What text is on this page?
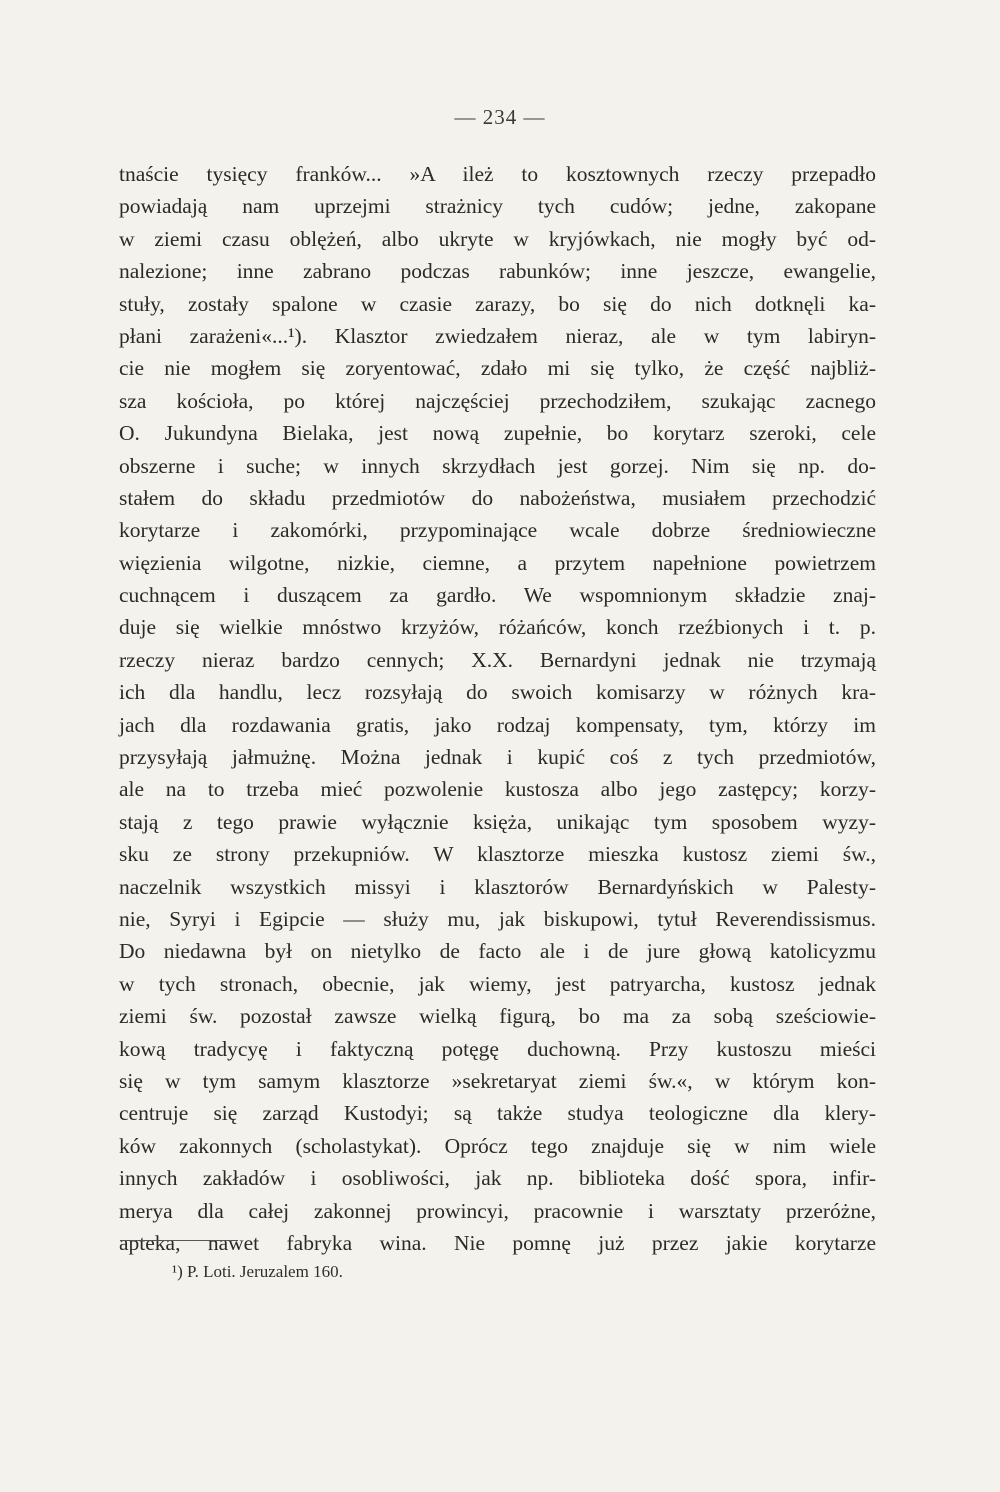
— 234 —
tnaście tysięcy franków... »A ileż to kosztownych rzeczy przepadło
powiadają nam uprzejmi strażnicy tych cudów; jedne, zakopane
w ziemi czasu oblężeń, albo ukryte w kryjówkach, nie mogły być od-
nalezione; inne zabrano podczas rabunków; inne jeszcze, ewangelie,
stuły, zostały spalone w czasie zarazy, bo się do nich dotknęli ka-
płani zarażeni«...¹). Klasztor zwiedzałem nieraz, ale w tym labiryn-
cie nie mogłem się zoryentować, zdało mi się tylko, że część najbliż-
sza kościoła, po której najczęściej przechodziłem, szukając zacnego
O. Jukundyna Bielaka, jest nową zupełnie, bo korytarz szeroki, cele
obszerne i suche; w innych skrzydłach jest gorzej. Nim się np. do-
stałem do składu przedmiotów do nabożeństwa, musiałem przechodzić
korytarze i zakomórki, przypominające wcale dobrze średniowieczne
więzienia wilgotne, nizkie, ciemne, a przytem napełnione powietrzem
cuchnącem i duszącem za gardło. We wspomnionym składzie znaj-
duje się wielkie mnóstwo krzyżów, różańców, konch rzeźbionych i t. p.
rzeczy nieraz bardzo cennych; X.X. Bernardyni jednak nie trzymają
ich dla handlu, lecz rozsyłają do swoich komisarzy w różnych kra-
jach dla rozdawania gratis, jako rodzaj kompensaty, tym, którzy im
przysyłają jałmużnę. Można jednak i kupić coś z tych przedmiotów,
ale na to trzeba mieć pozwolenie kustosza albo jego zastępcy; korzy-
stają z tego prawie wyłącznie księża, unikając tym sposobem wyzy-
sku ze strony przekupniów. W klasztorze mieszka kustosz ziemi św.,
naczelnik wszystkich missyi i klasztorów Bernardyńskich w Palesty-
nie, Syryi i Egipcie — służy mu, jak biskupowi, tytuł Reverendissismus.
Do niedawna był on nietylko de facto ale i de jure głową katolicyzmu
w tych stronach, obecnie, jak wiemy, jest patryarcha, kustosz jednak
ziemi św. pozostał zawsze wielką figurą, bo ma za sobą sześciowie-
kową tradycyę i faktyczną potęgę duchowną. Przy kustoszu mieści
się w tym samym klasztorze »sekretaryat ziemi św.«, w którym kon-
centruje się zarząd Kustodyi; są także studya teologiczne dla klery-
ków zakonnych (scholastykat). Oprócz tego znajduje się w nim wiele
innych zakładów i osobliwości, jak np. biblioteka dość spora, infir-
merya dla całej zakonnej prowincyi, pracownie i warsztaty przeróżne,
apteka, nawet fabryka wina. Nie pomnę już przez jakie korytarze
¹) P. Loti. Jeruzalem 160.
